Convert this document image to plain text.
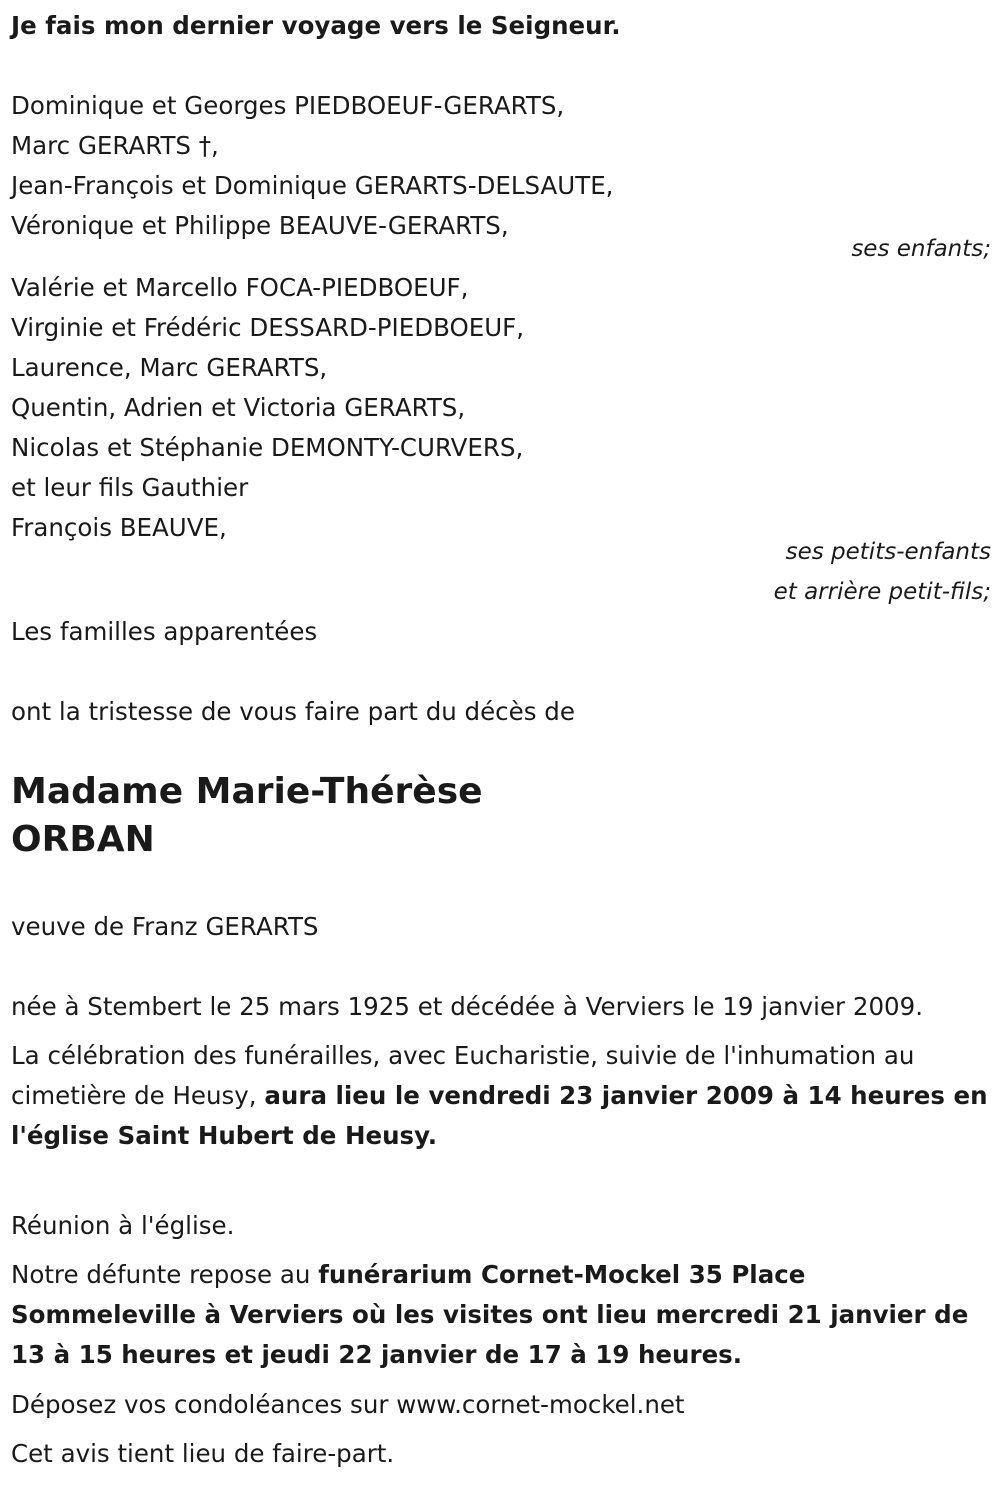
Je fais mon dernier voyage vers le Seigneur.
Dominique et Georges PIEDBOEUF-GERARTS,
Marc GERARTS †,
Jean-François et Dominique GERARTS-DELSAUTE,
Véronique et Philippe BEAUVE-GERARTS,
ses enfants;
Valérie et Marcello FOCA-PIEDBOEUF,
Virginie et Frédéric DESSARD-PIEDBOEUF,
Laurence, Marc GERARTS,
Quentin, Adrien et Victoria GERARTS,
Nicolas et Stéphanie DEMONTY-CURVERS,
et leur fils Gauthier
François BEAUVE,
ses petits-enfants
et arrière petit-fils;
Les familles apparentées
ont la tristesse de vous faire part du décès de
Madame Marie-Thérèse
ORBAN
veuve de Franz GERARTS
née à Stembert le 25 mars 1925 et décédée à Verviers le 19 janvier 2009.
La célébration des funérailles, avec Eucharistie, suivie de l'inhumation au cimetière de Heusy, aura lieu le vendredi 23 janvier 2009 à 14 heures en l'église Saint Hubert de Heusy.
Réunion à l'église.
Notre défunte repose au funérarium Cornet-Mockel 35 Place Sommeleville à Verviers où les visites ont lieu mercredi 21 janvier de 13 à 15 heures et jeudi 22 janvier de 17 à 19 heures.
Déposez vos condoléances sur www.cornet-mockel.net
Cet avis tient lieu de faire-part.
